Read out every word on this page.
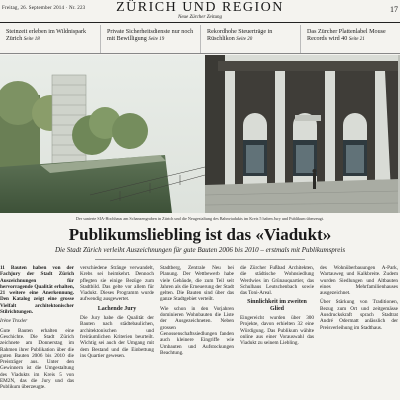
Freitag, 26. September 2014 · Nr. 223	ZÜRICH UND REGION
Neue Zürcher Zeitung
17
Steinzeit erleben im Wildnispark Zürich Seite 18
Private Sicherheitsdienste nur noch mit Bewilligung Seite 19
Rekordhohe Steuerträge in Rüschlikon Seite 20
Das Zürcher Plattenlabel Mouse Records wird 40 Seite 21
Der sanierte SIA-Hochhaus am Schanzengraben in Zürich und die Neugestaltung des Bahnviadukts im Kreis 5 haben Jury und Publikum überzeugt.
Publikumsliebling ist das «Viadukt»
Die Stadt Zürich verleiht Auszeichnungen für gute Bauten 2006 bis 2010 – erstmals mit Publikumspreis

11 Bauten haben von der Fachjury der Stadt Zürich Auszeichnungen für hervorragende Qualität erhalten, 21 weitere eine Anerkennung. Den Katalog zeigt eine grosse Vielfalt architektonischer Stilrichtungen.

Irène Troxler

Gute Bauten erhalten eine Geschichte. Die Stadt Zürich zeichnete am Donnerstag im Rahmen ihrer Publikation über die guten Bauten 2006 bis 2010 die Preisträger aus. Unter den Gewinnern ist die Umgestaltung des Viadukts im Kreis 5 von EM2N, das die Jury und das Publikum überzeugte.

verschiedene Stränge verwandelt, Krebs sei heimkehrt. Dennoch pflegten sie einige Bezüge zum Stadtbild. Das gelte vor allem für Viadukt. Dieses Programm wurde aufwendig ausgewertet.

Lachende Jury

Die Jury habe die Qualität der Bauten nach städtebaulichen, architektonischen und freiräumlichen Kriterien beurteilt. Wichtig sei auch der Umgang mit dem Bestand und die Einbettung ins Quartier gewesen.

Stadtberg, Zentrale Neu bei Planung. Der Wettbewerb habe viele Gebäude, die zum Teil seit Jahren als die Erneuerung der Stadt gelten. Die Bauten sind über das ganze Stadtgebiet verteilt.

Wie schon in den Vorjahren dominieren Wohnbauten die Liste der Ausgezeichneten. Neben grossen Genossenschaftssiedlungen fanden auch kleinere Eingriffe wie Umbauten und Aufstockungen Beachtung.

die Zürcher Fußbad Architekten, die städtische Wohnsiedlung Werdwies im Grünauquartier, das Schulhaus Leutschenbach sowie das Toni-Areal.

Sinnlichkeit im zweiten Glied

Eingereicht wurden über 300 Projekte, davon erhielten 32 eine Würdigung. Das Publikum wählte online aus einer Vorauswahl das Viadukt zu seinem Liebling.

des Wohnüberbauungen A-Park, Wartauweg und Kalkbreite. Zudem wurden Siedlungen und Altbauten eines Mehrfamilienhauses ausgezeichnet.

Über Stärkung von Traditionen, Bezug zum Ort und zeitgemässe Ausdruckskraft sprach Stadtrat André Odermatt anlässlich der Preisverleihung im Stadthaus.
